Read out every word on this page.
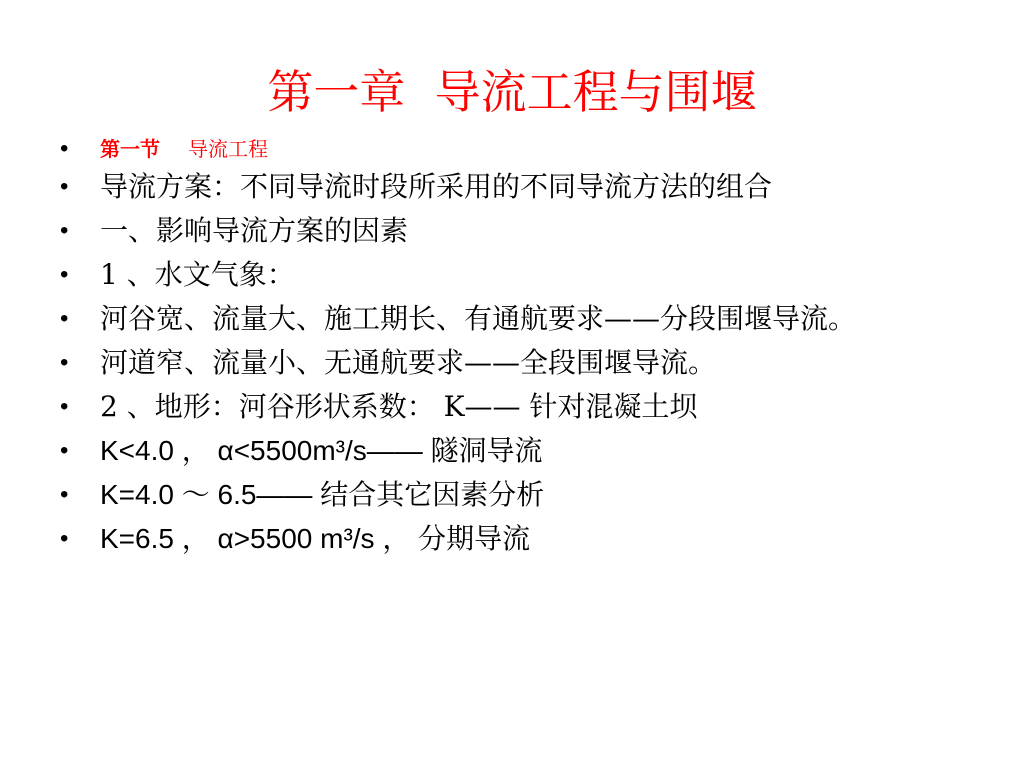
第一章  导流工程与围堰
• 第一节 导流工程
• 导流方案：不同导流时段所采用的不同导流方法的组合
• 一、影响导流方案的因素
• 1 、水文气象：
• 河谷宽、流量大、施工期长、有通航要求——分段围堰导流。
• 河道窄、流量小、无通航要求——全段围堰导流。
• 2 、地形：河谷形状系数： K—— 针对混凝土坝
• K<4.0 ， α<5500m³/s—— 隧洞导流
• K=4.0 ～ 6.5—— 结合其它因素分析
• K=6.5 ， α>5500 m³/s ， 分期导流
